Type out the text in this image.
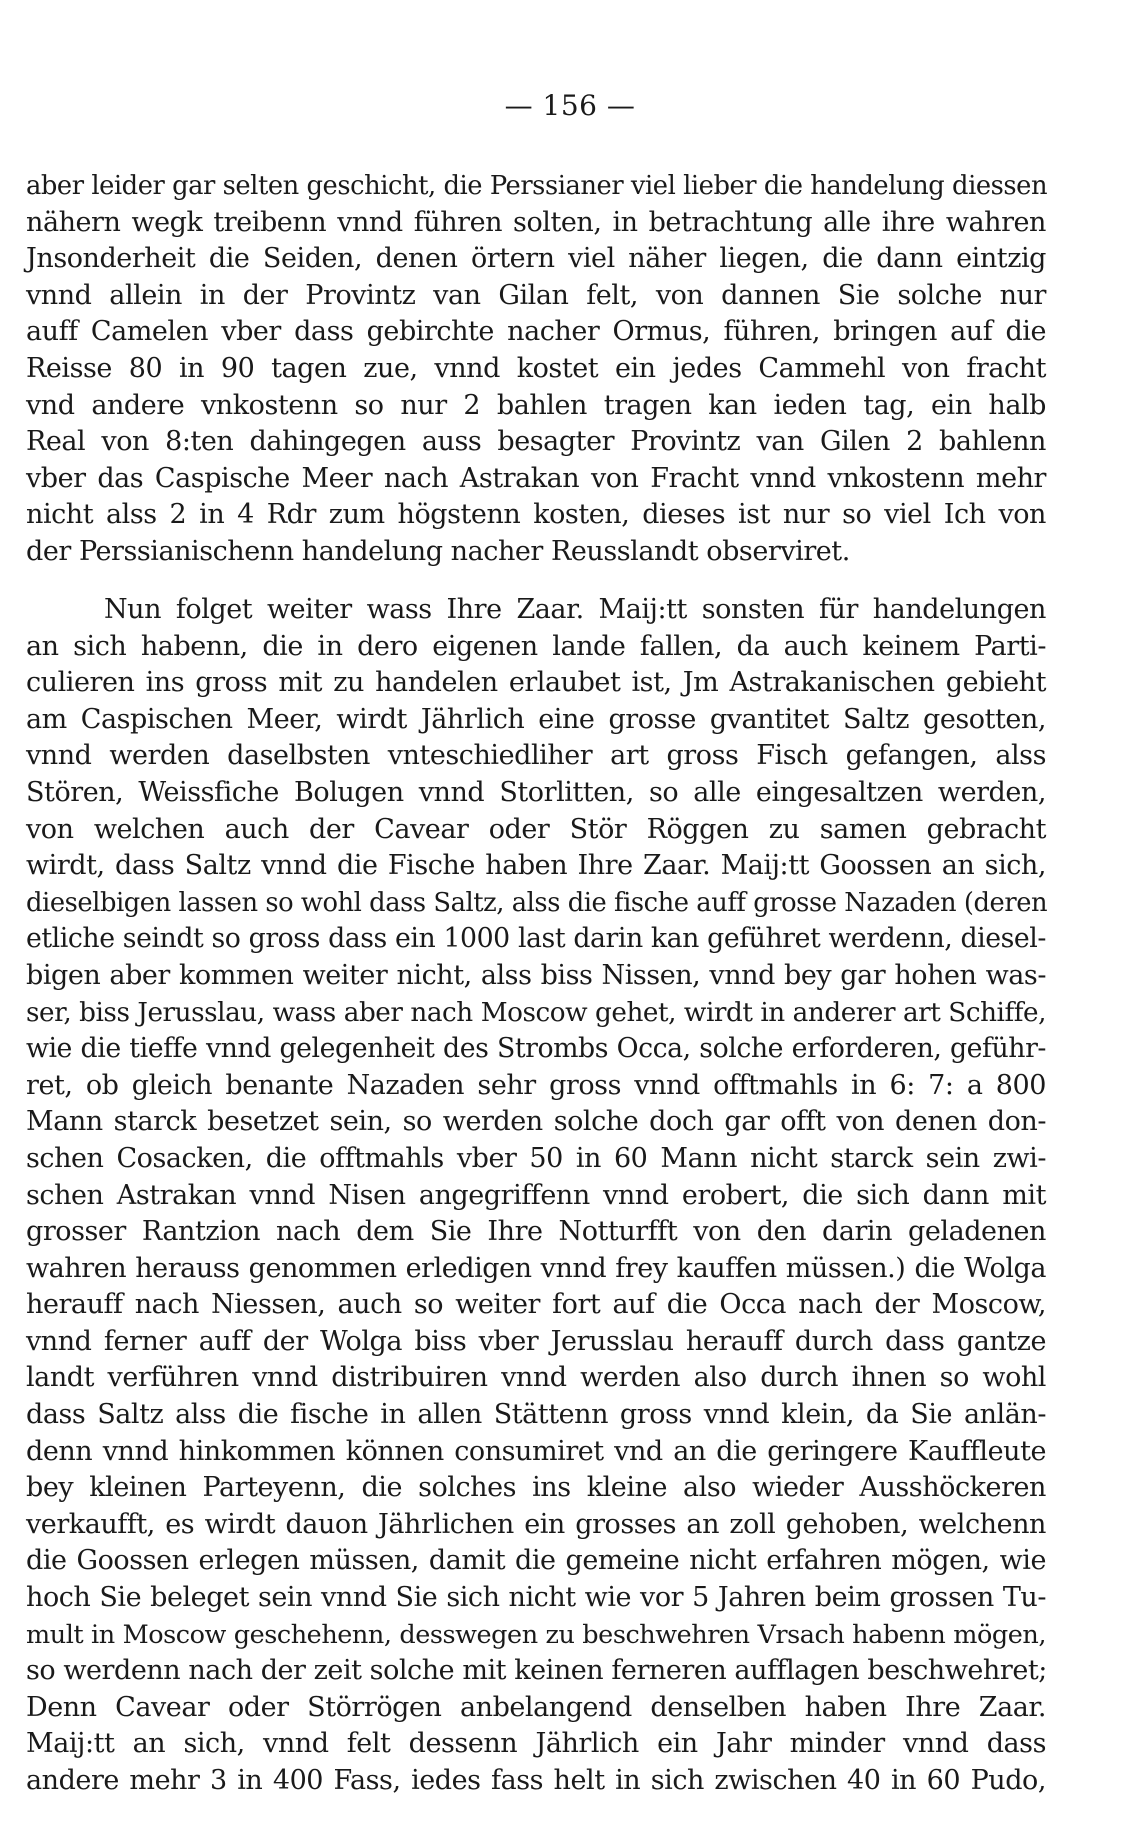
— 156 —
aber leider gar selten geschicht, die Perssianer viel lieber die handelung diessen
nähern wegk treibenn vnnd führen solten, in betrachtung alle ihre wahren
Jnsonderheit die Seiden, denen örtern viel näher liegen, die dann eintzig
vnnd allein in der Provintz van Gilan felt, von dannen Sie solche nur
auff Camelen vber dass gebirchte nacher Ormus, führen, bringen auf die
Reisse 80 in 90 tagen zue, vnnd kostet ein jedes Cammehl von fracht
vnd andere vnkostenn so nur 2 bahlen tragen kan ieden tag, ein halb
Real von 8:ten dahingegen auss besagter Provintz van Gilen 2 bahlenn
vber das Caspische Meer nach Astrakan von Fracht vnnd vnkostenn mehr
nicht alss 2 in 4 Rdr zum högstenn kosten, dieses ist nur so viel Ich von
der Perssianischenn handelung nacher Reusslandt observiret.
Nun folget weiter wass Ihre Zaar. Maij:tt sonsten für handelungen
an sich habenn, die in dero eigenen lande fallen, da auch keinem Parti-
culieren ins gross mit zu handelen erlaubet ist, Jm Astrakanischen gebieht
am Caspischen Meer, wirdt Jährlich eine grosse gvantitet Saltz gesotten,
vnnd werden daselbsten vnteschiedliher art gross Fisch gefangen, alss
Stören, Weissfiche Bolugen vnnd Storlitten, so alle eingesaltzen werden,
von welchen auch der Cavear oder Stör Röggen zu samen gebracht
wirdt, dass Saltz vnnd die Fische haben Ihre Zaar. Maij:tt Goossen an sich,
dieselbigen lassen so wohl dass Saltz, alss die fische auff grosse Nazaden (deren
etliche seindt so gross dass ein 1000 last darin kan geführet werdenn, diesel-
bigen aber kommen weiter nicht, alss biss Nissen, vnnd bey gar hohen was-
ser, biss Jerusslau, wass aber nach Moscow gehet, wirdt in anderer art Schiffe,
wie die tieffe vnnd gelegenheit des Strombs Occa, solche erforderen, geführ-
ret, ob gleich benante Nazaden sehr gross vnnd offtmahls in 6: 7: a 800
Mann starck besetzet sein, so werden solche doch gar offt von denen don-
schen Cosacken, die offtmahls vber 50 in 60 Mann nicht starck sein zwi-
schen Astrakan vnnd Nisen angegriffenn vnnd erobert, die sich dann mit
grosser Rantzion nach dem Sie Ihre Notturfft von den darin geladenen
wahren herauss genommen erledigen vnnd frey kauffen müssen.) die Wolga
herauff nach Niessen, auch so weiter fort auf die Occa nach der Moscow,
vnnd ferner auff der Wolga biss vber Jerusslau herauff durch dass gantze
landt verführen vnnd distribuiren vnnd werden also durch ihnen so wohl
dass Saltz alss die fische in allen Stättenn gross vnnd klein, da Sie anlän-
denn vnnd hinkommen können consumiret vnd an die geringere Kauffleute
bey kleinen Parteyenn, die solches ins kleine also wieder Ausshöckeren
verkaufft, es wirdt dauon Jährlichen ein grosses an zoll gehoben, welchenn
die Goossen erlegen müssen, damit die gemeine nicht erfahren mögen, wie
hoch Sie beleget sein vnnd Sie sich nicht wie vor 5 Jahren beim grossen Tu-
mult in Moscow geschehenn, desswegen zu beschwehren Vrsach habenn mögen,
so werdenn nach der zeit solche mit keinen ferneren aufflagen beschwehret;
Denn Cavear oder Störrögen anbelangend denselben haben Ihre Zaar.
Maij:tt an sich, vnnd felt dessenn Jährlich ein Jahr minder vnnd dass
andere mehr 3 in 400 Fass, iedes fass helt in sich zwischen 40 in 60 Pudo,
